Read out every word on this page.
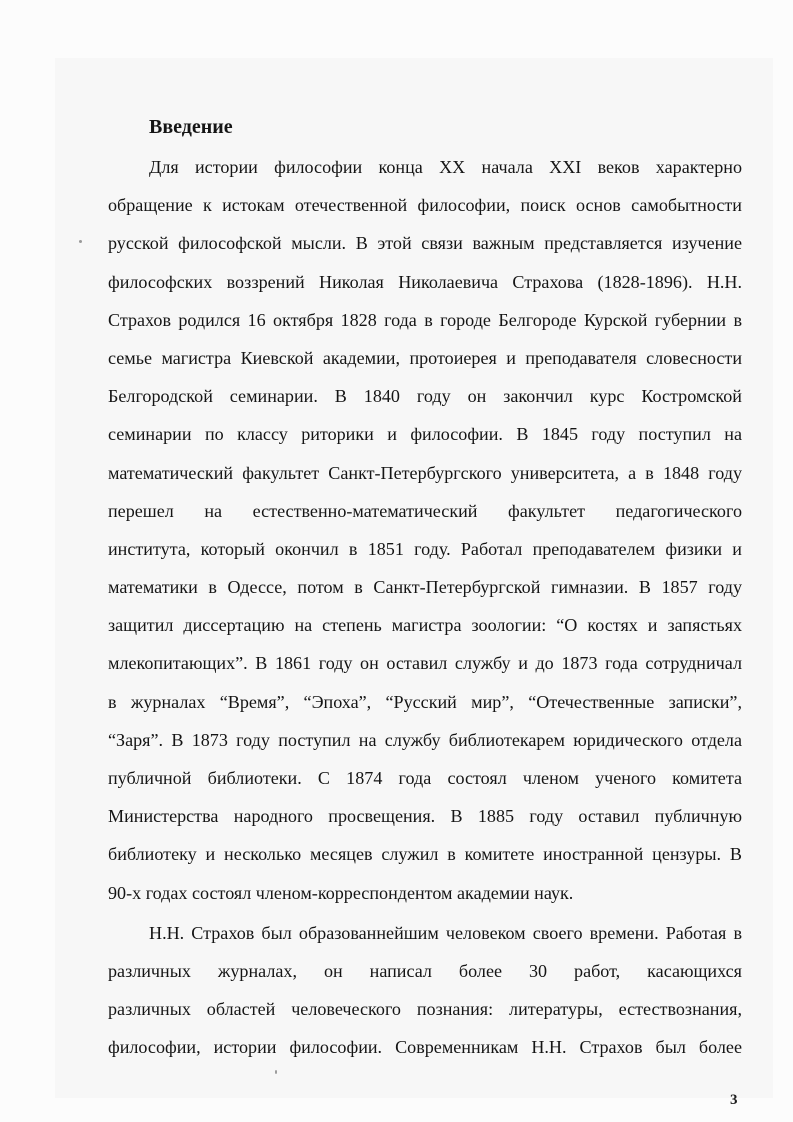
Введение
Для истории философии конца XX начала XXI веков характерно
обращение к истокам отечественной философии, поиск основ самобытности
русской философской мысли. В этой связи важным представляется изучение
философских воззрений Николая Николаевича Страхова (1828-1896). Н.Н.
Страхов родился 16 октября 1828 года в городе Белгороде Курской губернии в
семье магистра Киевской академии, протоиерея и преподавателя словесности
Белгородской семинарии. В 1840 году он закончил курс Костромской
семинарии по классу риторики и философии. В 1845 году поступил на
математический факультет Санкт-Петербургского университета, а в 1848 году
перешел на естественно-математический факультет педагогического
института, который окончил в 1851 году. Работал преподавателем физики и
математики в Одессе, потом в Санкт-Петербургской гимназии. В 1857 году
защитил диссертацию на степень магистра зоологии: “О костях и запястьях
млекопитающих”. В 1861 году он оставил службу и до 1873 года сотрудничал
в журналах “Время”, “Эпоха”, “Русский мир”, “Отечественные записки”,
“Заря”. В 1873 году поступил на службу библиотекарем юридического отдела
публичной библиотеки. С 1874 года состоял членом ученого комитета
Министерства народного просвещения. В 1885 году оставил публичную
библиотеку и несколько месяцев служил в комитете иностранной цензуры. В
90-х годах состоял членом-корреспондентом академии наук.
Н.Н. Страхов был образованнейшим человеком своего времени. Работая в
различных журналах, он написал более 30 работ, касающихся
различных областей человеческого познания: литературы, естествознания,
философии, истории философии. Современникам Н.Н. Страхов был более
3
